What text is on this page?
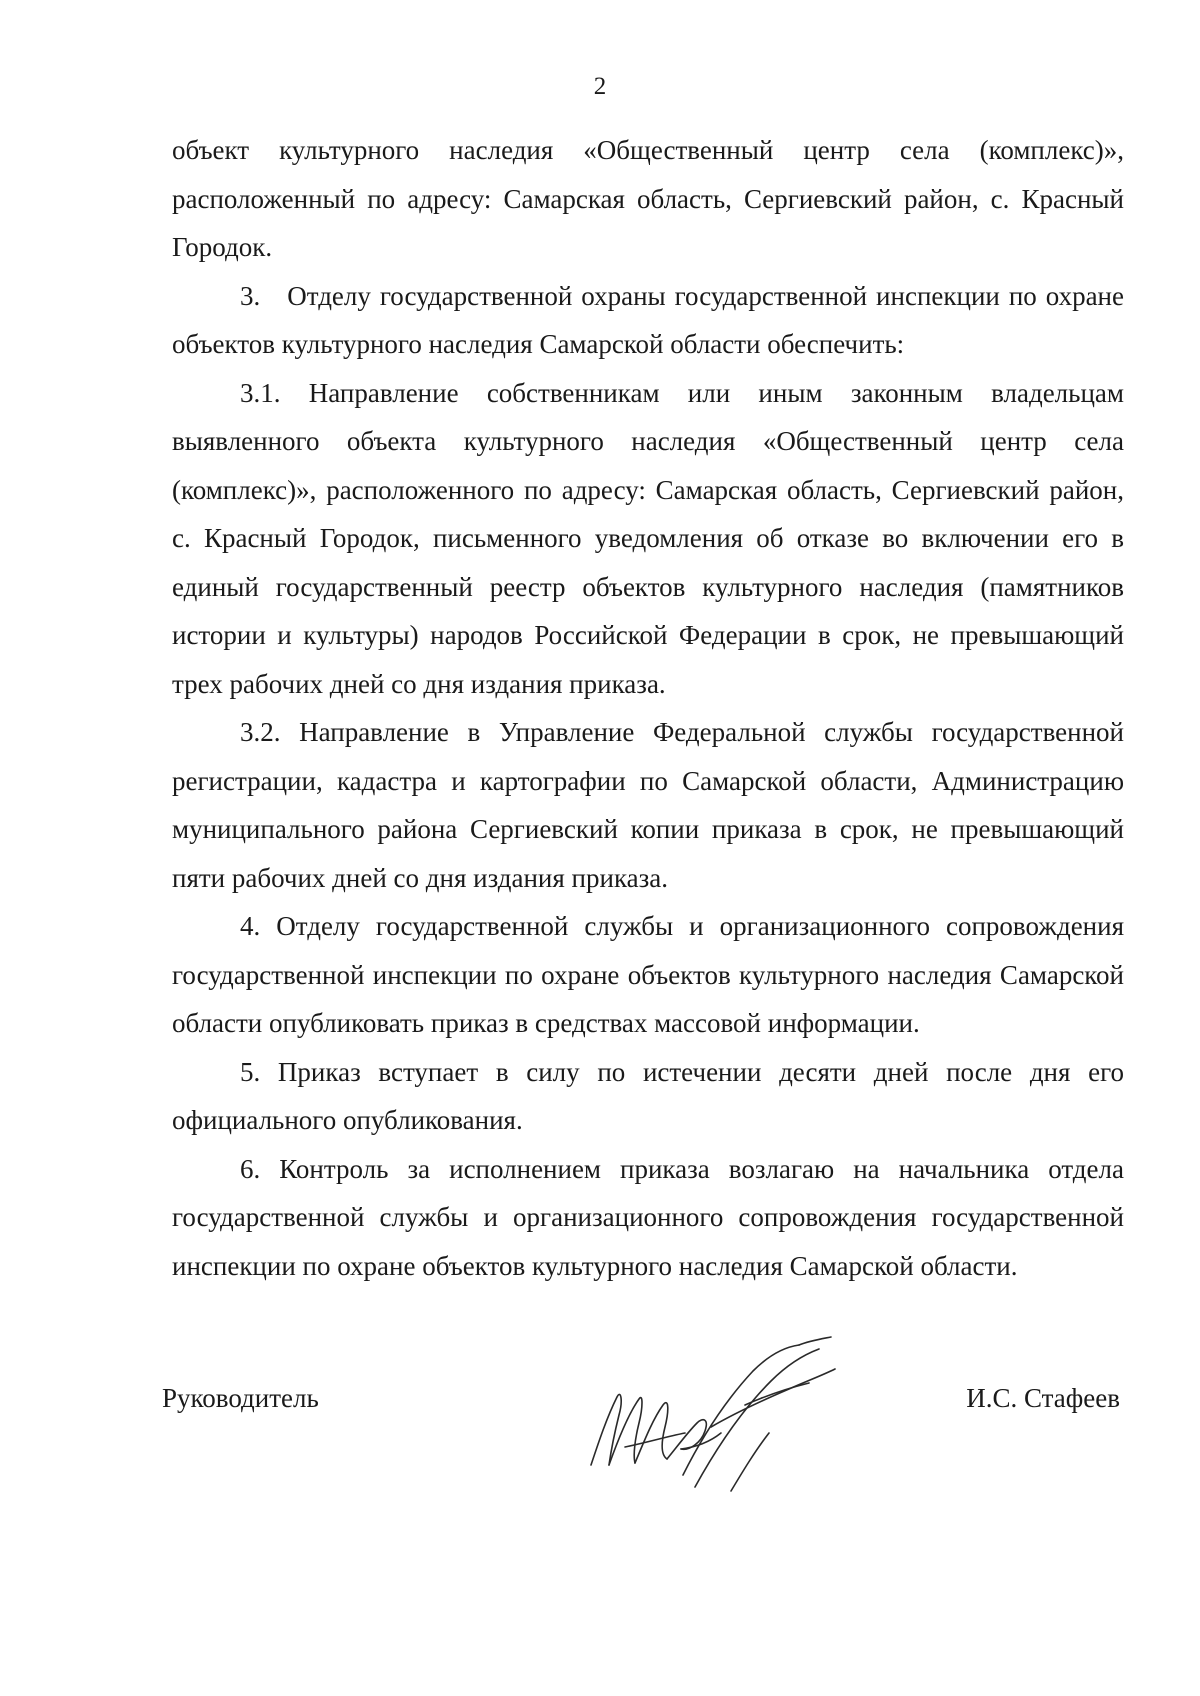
2

объект культурного наследия «Общественный центр села (комплекс)», расположенный по адресу: Самарская область, Сергиевский район, с. Красный Городок.

3. Отделу государственной охраны государственной инспекции по охране объектов культурного наследия Самарской области обеспечить:

3.1. Направление собственникам или иным законным владельцам выявленного объекта культурного наследия «Общественный центр села (комплекс)», расположенного по адресу: Самарская область, Сергиевский район, с. Красный Городок, письменного уведомления об отказе во включении его в единый государственный реестр объектов культурного наследия (памятников истории и культуры) народов Российской Федерации в срок, не превышающий трех рабочих дней со дня издания приказа.

3.2. Направление в Управление Федеральной службы государственной регистрации, кадастра и картографии по Самарской области, Администрацию муниципального района Сергиевский копии приказа в срок, не превышающий пяти рабочих дней со дня издания приказа.

4. Отделу государственной службы и организационного сопровождения государственной инспекции по охране объектов культурного наследия Самарской области опубликовать приказ в средствах массовой информации.

5. Приказ вступает в силу по истечении десяти дней после дня его официального опубликования.

6. Контроль за исполнением приказа возлагаю на начальника отдела государственной службы и организационного сопровождения государственной инспекции по охране объектов культурного наследия Самарской области.

Руководитель	И.С. Стафеев
